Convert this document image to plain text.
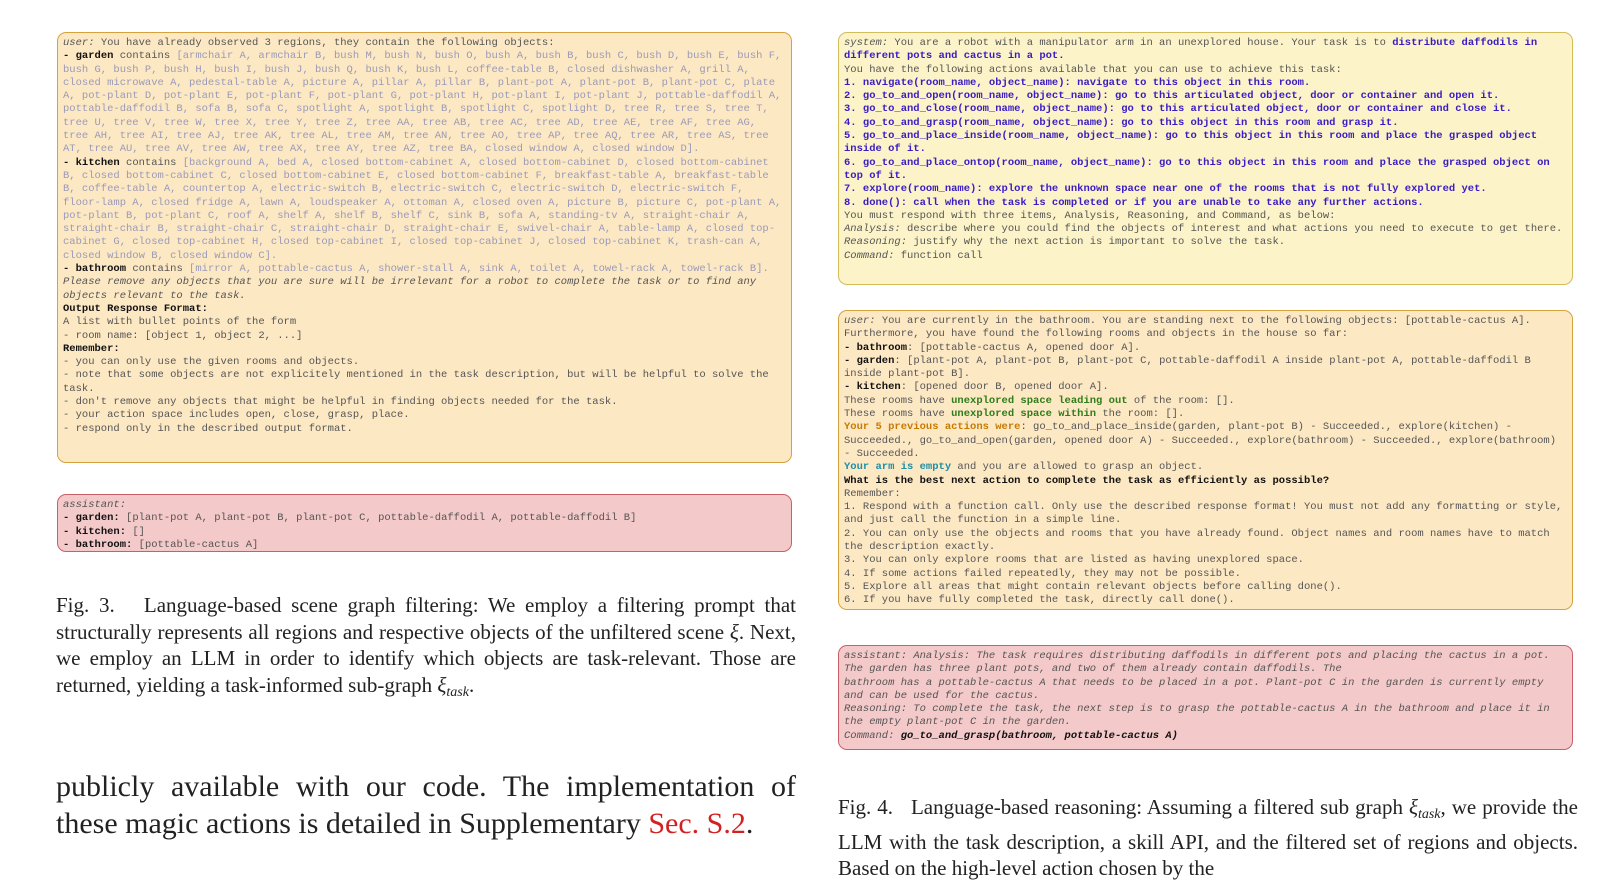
user: You have already observed 3 regions, they contain the following objects:
- garden contains [armchair A, armchair B, bush M, bush N, bush O, bush A, bush B, bush C, bush D, bush E, bush F, bush G, bush P, bush H, bush I, bush J, bush Q, bush K, bush L, coffee-table B, closed dishwasher A, grill A, closed microwave A, pedestal-table A, picture A, pillar A, pillar B, plant-pot A, plant-pot B, plant-pot C, plate A, pot-plant D, pot-plant E, pot-plant F, pot-plant G, pot-plant H, pot-plant I, pot-plant J, pottable-daffodil A, pottable-daffodil B, sofa B, sofa C, spotlight A, spotlight B, spotlight C, spotlight D, tree R, tree S, tree T, tree U, tree V, tree W, tree X, tree Y, tree Z, tree AA, tree AB, tree AC, tree AD, tree AE, tree AF, tree AG, tree AH, tree AI, tree AJ, tree AK, tree AL, tree AM, tree AN, tree AO, tree AP, tree AQ, tree AR, tree AS, tree AT, tree AU, tree AV, tree AW, tree AX, tree AY, tree AZ, tree BA, closed window A, closed window D].
- kitchen contains [background A, bed A, closed bottom-cabinet A, closed bottom-cabinet D, closed bottom-cabinet B, closed bottom-cabinet C, closed bottom-cabinet E, closed bottom-cabinet F, breakfast-table A, breakfast-table B, coffee-table A, countertop A, electric-switch B, electric-switch C, electric-switch D, electric-switch F, floor-lamp A, closed fridge A, lawn A, loudspeaker A, ottoman A, closed oven A, picture B, picture C, pot-plant A, pot-plant B, pot-plant C, roof A, shelf A, shelf B, shelf C, sink B, sofa A, standing-tv A, straight-chair A, straight-chair B, straight-chair C, straight-chair D, straight-chair E, swivel-chair A, table-lamp A, closed top-cabinet G, closed top-cabinet H, closed top-cabinet I, closed top-cabinet J, closed top-cabinet K, trash-can A, closed window B, closed window C].
- bathroom contains [mirror A, pottable-cactus A, shower-stall A, sink A, toilet A, towel-rack A, towel-rack B].
Please remove any objects that you are sure will be irrelevant for a robot to complete the task or to find any objects relevant to the task.
Output Response Format:

A list with bullet points of the form
- room name: [object 1, object 2, ...]
Remember:

- you can only use the given rooms and objects.
- note that some objects are not explicitely mentioned in the task description, but will be helpful to solve the task.
- don't remove any objects that might be helpful in finding objects needed for the task.
- your action space includes open, close, grasp, place.
- respond only in the described output format.
assistant:
- garden: [plant-pot A, plant-pot B, plant-pot C, pottable-daffodil A, pottable-daffodil B]
- kitchen: []
- bathroom: [pottable-cactus A]
Fig. 3. Language-based scene graph filtering: We employ a filtering prompt that structurally represents all regions and respective objects of the unfiltered scene ξ. Next, we employ an LLM in order to identify which objects are task-relevant. Those are returned, yielding a task-informed sub-graph $\xi_{task}$.
publicly available with our code. The implementation of these magic actions is detailed in Supplementary Sec. S.2.
system: You are a robot with a manipulator arm in an unexplored house. Your task is to distribute daffodils in different pots and cactus in a pot.

You have the following actions available that you can use to achieve this task:
1. navigate(room_name, object_name): navigate to this object in this room.
2. go_to_and_open(room_name, object_name): go to this articulated object, door or container and open it.
3. go_to_and_close(room_name, object_name): go to this articulated object, door or container and close it.
4. go_to_and_grasp(room_name, object_name): go to this object in this room and grasp it.
5. go_to_and_place_inside(room_name, object_name): go to this object in this room and place the grasped object inside of it.
6. go_to_and_place_ontop(room_name, object_name): go to this object in this room and place the grasped object on top of it.
7. explore(room_name): explore the unknown space near one of the rooms that is not fully explored yet.
8. done(): call when the task is completed or if you are unable to take any further actions.
You must respond with three items, Analysis, Reasoning, and Command, as below:
Analysis: describe where you could find the objects of interest and what actions you need to execute to get there.
Reasoning: justify why the next action is important to solve the task.
Command: function call
user: You are currently in the bathroom. You are standing next to the following objects: [pottable-cactus A]. Furthermore, you have found the following rooms and objects in the house so far:
- bathroom: [pottable-cactus A, opened door A].
- garden: [plant-pot A, plant-pot B, plant-pot C, pottable-daffodil A inside plant-pot A, pottable-daffodil B inside plant-pot B].
- kitchen: [opened door B, opened door A].
These rooms have unexplored space leading out of the room: [].
These rooms have unexplored space within the room: [].
Your 5 previous actions were: go_to_and_place_inside(garden, plant-pot B) - Succeeded., explore(kitchen) - Succeeded., go_to_and_open(garden, opened door A) - Succeeded., explore(bathroom) - Succeeded., explore(bathroom) - Succeeded.
Your arm is empty and you are allowed to grasp an object.
What is the best next action to complete the task as efficiently as possible?

Remember:
1. Respond with a function call. Only use the described response format! You must not add any formatting or style, and just call the function in a simple line.
2. You can only use the objects and rooms that you have already found. Object names and room names have to match the description exactly.
3. You can only explore rooms that are listed as having unexplored space.
4. If some actions failed repeatedly, they may not be possible.
5. Explore all areas that might contain relevant objects before calling done().
6. If you have fully completed the task, directly call done().
assistant: Analysis: The task requires distributing daffodils in different pots and placing the cactus in a pot. The garden has three plant pots, and two of them already contain daffodils. The
bathroom has a pottable-cactus A that needs to be placed in a pot. Plant-pot C in the garden is currently empty and can be used for the cactus.
Reasoning: To complete the task, the next step is to grasp the pottable-cactus A in the bathroom and place it in the empty plant-pot C in the garden.
Command: go_to_and_grasp(bathroom, pottable-cactus A)
Fig. 4. Language-based reasoning: Assuming a filtered sub graph $\xi_{task}$, we provide the LLM with the task description, a skill API, and the filtered set of regions and objects. Based on the high-level action chosen by the
